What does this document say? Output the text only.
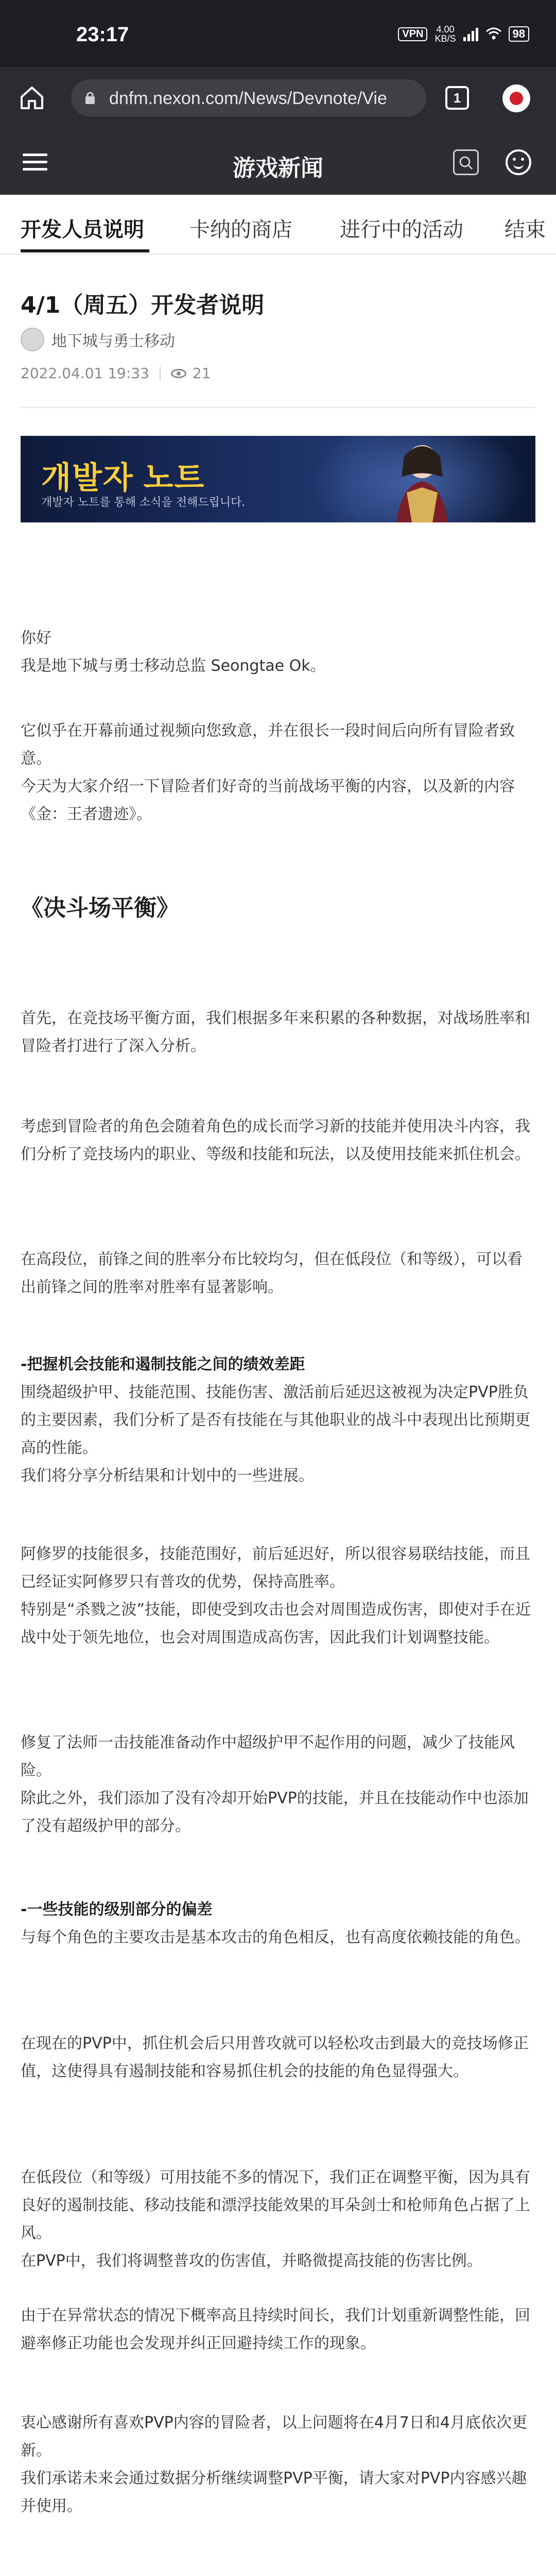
23:17	VPN	4.00
KB/S	98
dnfm.nexon.com/News/Devnote/Vie	1
游戏新闻
开发人员说明 卡纳的商店 进行中的活动 结束
4/1（周五）开发者说明
地下城与勇士移动
2022.04.01 19:33	21
개발자 노트
개발자 노트를 통해 소식을 전해드립니다.
你好
我是地下城与勇士移动总监 Seongtae Ok。
它似乎在开幕前通过视频向您致意，并在很长一段时间后向所有冒险者致意。
今天为大家介绍一下冒险者们好奇的当前战场平衡的内容，以及新的内容《金：王者遗迹》。
《决斗场平衡》
首先，在竞技场平衡方面，我们根据多年来积累的各种数据，对战场胜率和冒险者打进行了深入分析。
考虑到冒险者的角色会随着角色的成长而学习新的技能并使用决斗内容，我们分析了竞技场内的职业、等级和技能和玩法，以及使用技能来抓住机会。
在高段位，前锋之间的胜率分布比较均匀，但在低段位（和等级），可以看出前锋之间的胜率对胜率有显著影响。
-把握机会技能和遏制技能之间的绩效差距
围绕超级护甲、技能范围、技能伤害、激活前后延迟这被视为决定PVP胜负的主要因素，我们分析了是否有技能在与其他职业的战斗中表现出比预期更高的性能。
我们将分享分析结果和计划中的一些进展。
阿修罗的技能很多，技能范围好，前后延迟好，所以很容易联结技能，而且已经证实阿修罗只有普攻的优势，保持高胜率。
特别是“杀戮之波”技能，即使受到攻击也会对周围造成伤害，即使对手在近战中处于领先地位，也会对周围造成高伤害，因此我们计划调整技能。
修复了法师一击技能准备动作中超级护甲不起作用的问题，减少了技能风险。
除此之外，我们添加了没有冷却开始PVP的技能，并且在技能动作中也添加了没有超级护甲的部分。
-一些技能的级别部分的偏差
与每个角色的主要攻击是基本攻击的角色相反，也有高度依赖技能的角色。
在现在的PVP中，抓住机会后只用普攻就可以轻松攻击到最大的竞技场修正值，这使得具有遏制技能和容易抓住机会的技能的角色显得强大。
在低段位（和等级）可用技能不多的情况下，我们正在调整平衡，因为具有良好的遏制技能、移动技能和漂浮技能效果的耳朵剑士和枪师角色占据了上风。
在PVP中，我们将调整普攻的伤害值，并略微提高技能的伤害比例。
由于在异常状态的情况下概率高且持续时间长，我们计划重新调整性能，回避率修正功能也会发现并纠正回避持续工作的现象。
衷心感谢所有喜欢PVP内容的冒险者，以上问题将在4月7日和4月底依次更新。
我们承诺未来会通过数据分析继续调整PVP平衡，请大家对PVP内容感兴趣并使用。
